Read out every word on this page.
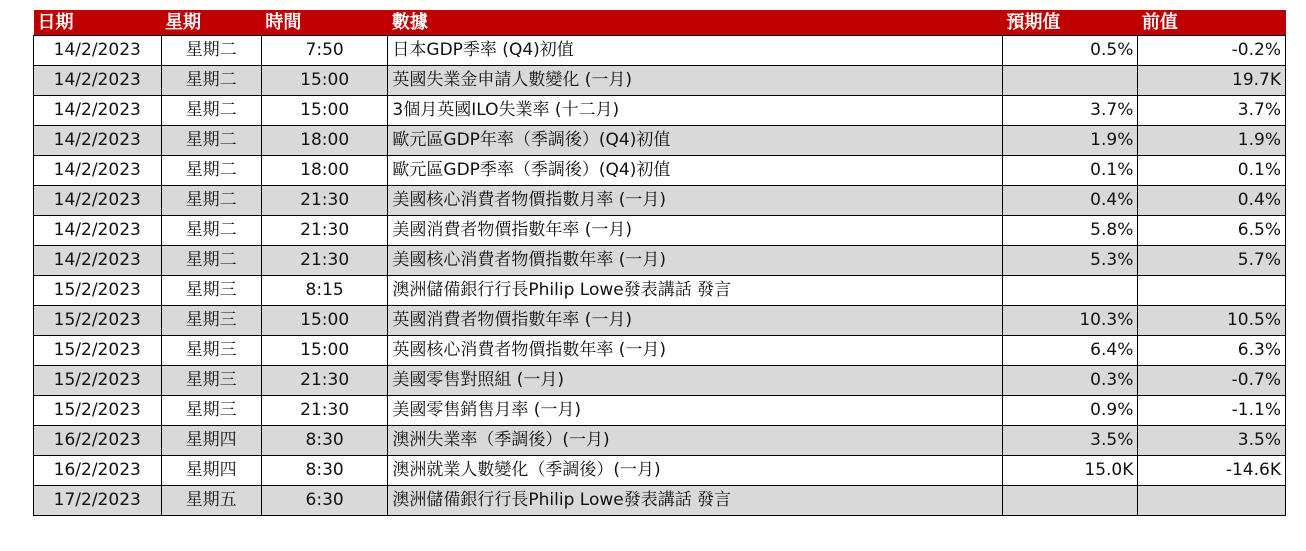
日期	星期	時間	數據	預期值	前值
14/2/2023	星期二	7:50	日本GDP季率 (Q4)初值	0.5%	-0.2%
14/2/2023	星期二	15:00	英國失業金申請人數變化 (一月)		19.7K
14/2/2023	星期二	15:00	3個月英國ILO失業率 (十二月)	3.7%	3.7%
14/2/2023	星期二	18:00	歐元區GDP年率（季調後）(Q4)初值	1.9%	1.9%
14/2/2023	星期二	18:00	歐元區GDP季率（季調後）(Q4)初值	0.1%	0.1%
14/2/2023	星期二	21:30	美國核心消費者物價指數月率 (一月)	0.4%	0.4%
14/2/2023	星期二	21:30	美國消費者物價指數年率 (一月)	5.8%	6.5%
14/2/2023	星期二	21:30	美國核心消費者物價指數年率 (一月)	5.3%	5.7%
15/2/2023	星期三	8:15	澳洲儲備銀行行長Philip Lowe發表講話 發言		
15/2/2023	星期三	15:00	英國消費者物價指數年率 (一月)	10.3%	10.5%
15/2/2023	星期三	15:00	英國核心消費者物價指數年率 (一月)	6.4%	6.3%
15/2/2023	星期三	21:30	美國零售對照組 (一月)	0.3%	-0.7%
15/2/2023	星期三	21:30	美國零售銷售月率 (一月)	0.9%	-1.1%
16/2/2023	星期四	8:30	澳洲失業率（季調後）(一月)	3.5%	3.5%
16/2/2023	星期四	8:30	澳洲就業人數變化（季調後）(一月)	15.0K	-14.6K
17/2/2023	星期五	6:30	澳洲儲備銀行行長Philip Lowe發表講話 發言		
